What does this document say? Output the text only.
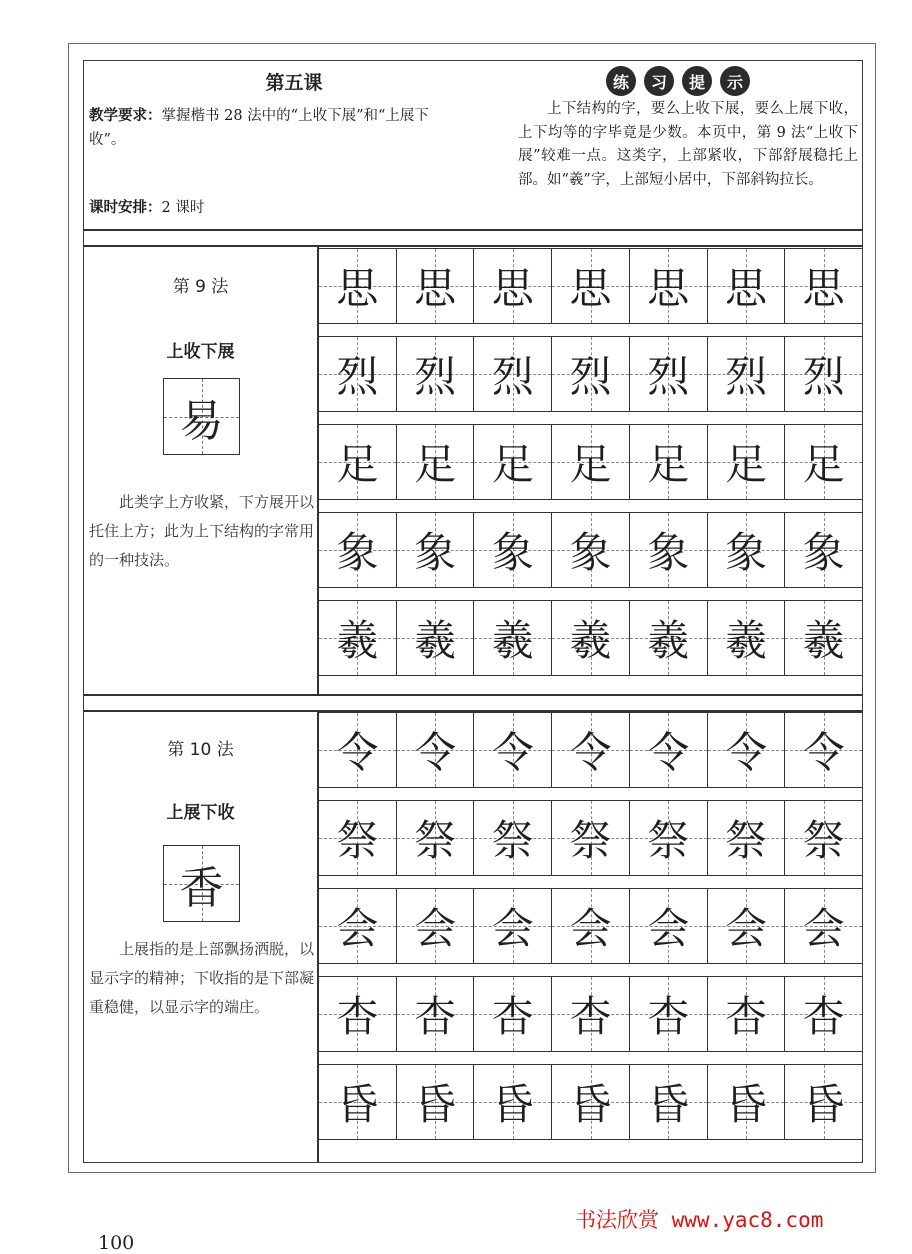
第五课
教学要求：掌握楷书 28 法中的“上收下展”和“上展下收”。
课时安排：2 课时
练	习	提	示
上下结构的字，要么上收下展，要么上展下收，上下均等的字毕竟是少数。本页中，第 9 法“上收下展”较难一点。这类字，上部紧收，下部舒展稳托上部。如“羲”字，上部短小居中，下部斜钩拉长。
第 9 法
上收下展
易
此类字上方收紧，下方展开以托住上方；此为上下结构的字常用的一种技法。
第 10 法
上展下收
香
上展指的是上部飘扬洒脱，以显示字的精神；下收指的是下部凝重稳健，以显示字的端庄。
思 思 思 思 思 思 思
烈 烈 烈 烈 烈 烈 烈
足 足 足 足 足 足 足
象 象 象 象 象 象 象
羲 羲 羲 羲 羲 羲 羲
令 令 令 令 令 令 令
祭 祭 祭 祭 祭 祭 祭
会 会 会 会 会 会 会
杏 杏 杏 杏 杏 杏 杏
昏 昏 昏 昏 昏 昏 昏
100
书法欣赏 www.yac8.com
